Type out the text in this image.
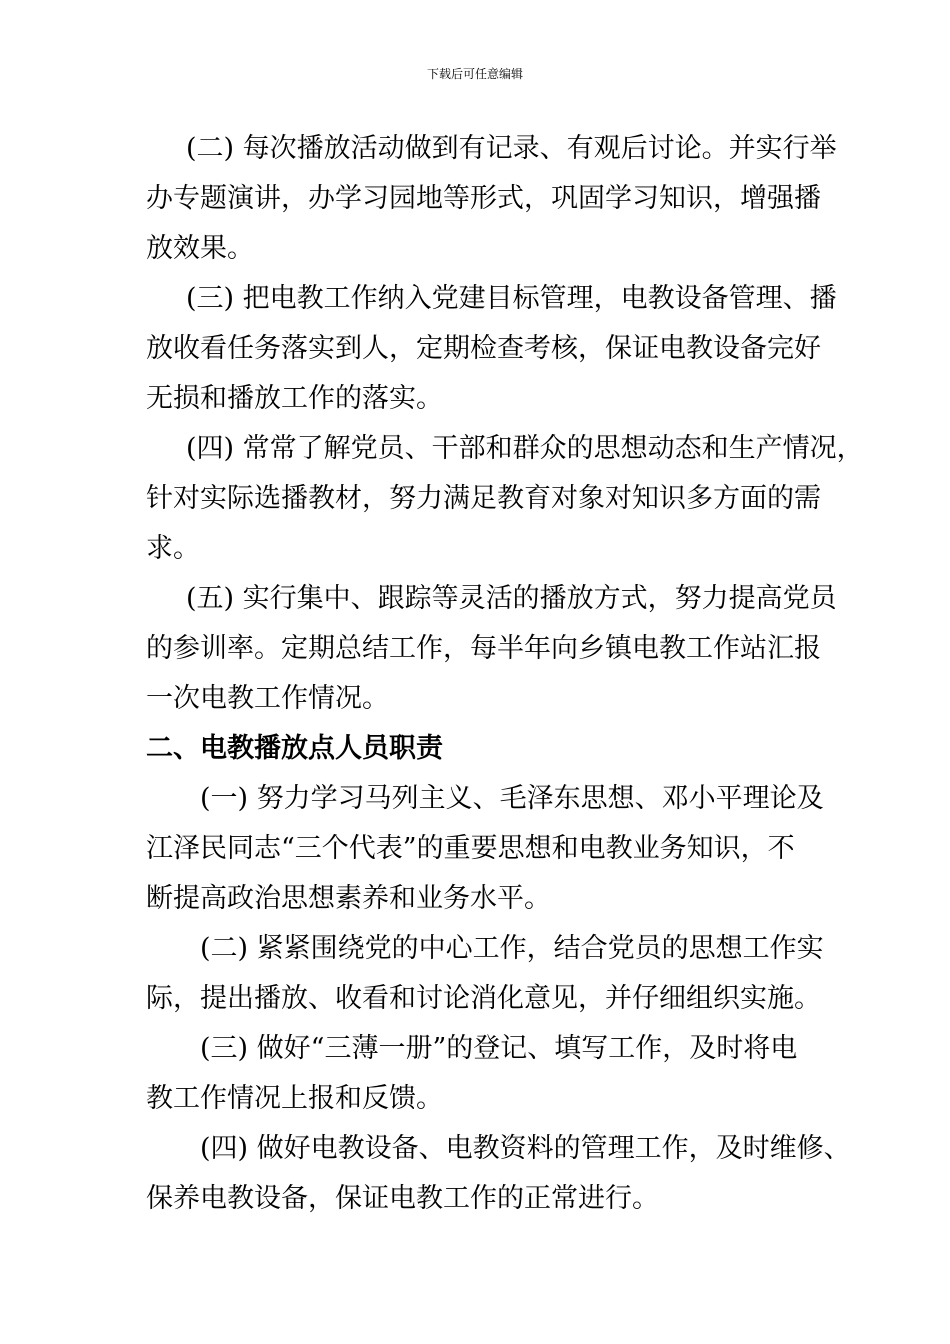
下载后可任意编辑
(二) 每次播放活动做到有记录、有观后讨论。并实行举
办专题演讲，办学习园地等形式，巩固学习知识，增强播
放效果。
(三) 把电教工作纳入党建目标管理，电教设备管理、播
放收看任务落实到人，定期检查考核，保证电教设备完好
无损和播放工作的落实。
(四) 常常了解党员、干部和群众的思想动态和生产情况，
针对实际选播教材，努力满足教育对象对知识多方面的需
求。
(五) 实行集中、跟踪等灵活的播放方式，努力提高党员
的参训率。定期总结工作，每半年向乡镇电教工作站汇报
一次电教工作情况。
二、电教播放点人员职责
(一) 努力学习马列主义、毛泽东思想、邓小平理论及
江泽民同志“三个代表”的重要思想和电教业务知识，不
断提高政治思想素养和业务水平。
(二) 紧紧围绕党的中心工作，结合党员的思想工作实
际，提出播放、收看和讨论消化意见，并仔细组织实施。
(三) 做好“三薄一册”的登记、填写工作，及时将电
教工作情况上报和反馈。
(四) 做好电教设备、电教资料的管理工作，及时维修、
保养电教设备，保证电教工作的正常进行。
